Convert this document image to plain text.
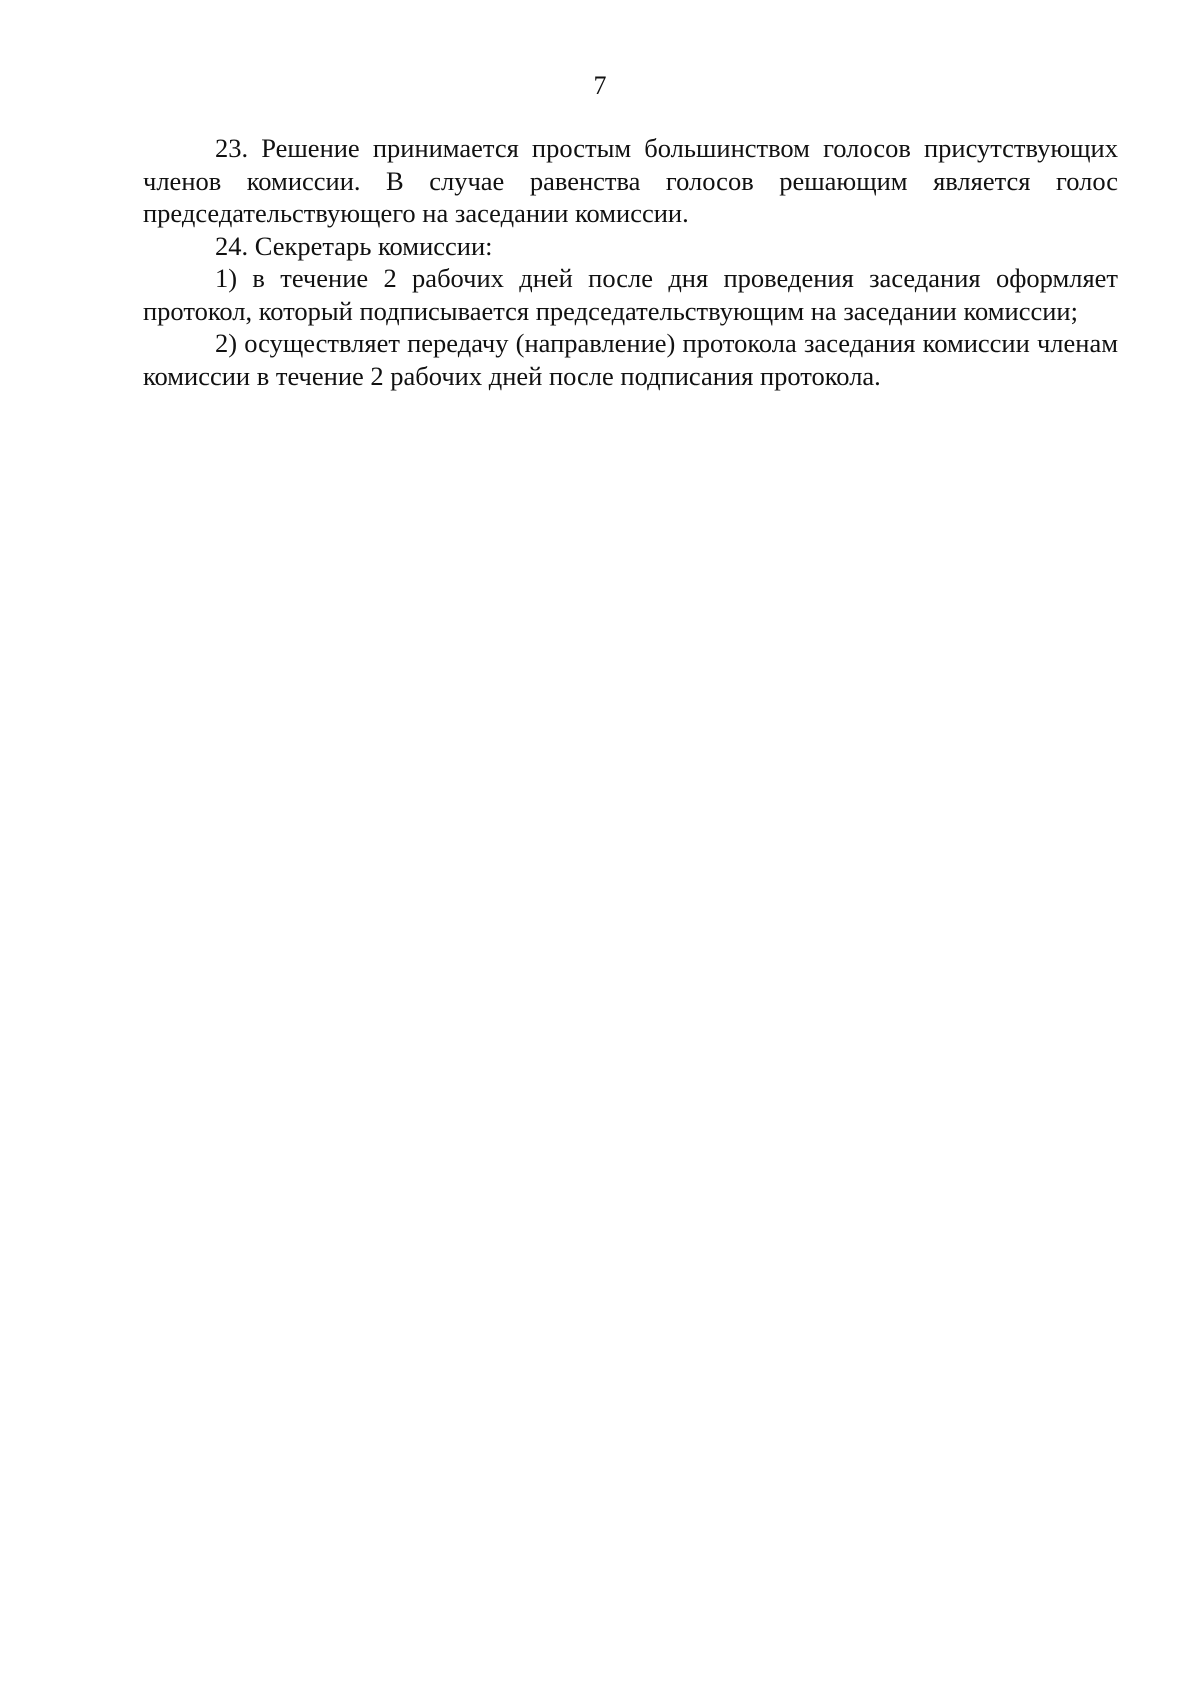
7

23. Решение принимается простым большинством голосов присутствующих членов комиссии. В случае равенства голосов решающим является голос председательствующего на заседании комиссии.

24. Секретарь комиссии:

1) в течение 2 рабочих дней после дня проведения заседания оформляет протокол, который подписывается председательствующим на заседании комиссии;

2) осуществляет передачу (направление) протокола заседания комиссии членам комиссии в течение 2 рабочих дней после подписания протокола.
